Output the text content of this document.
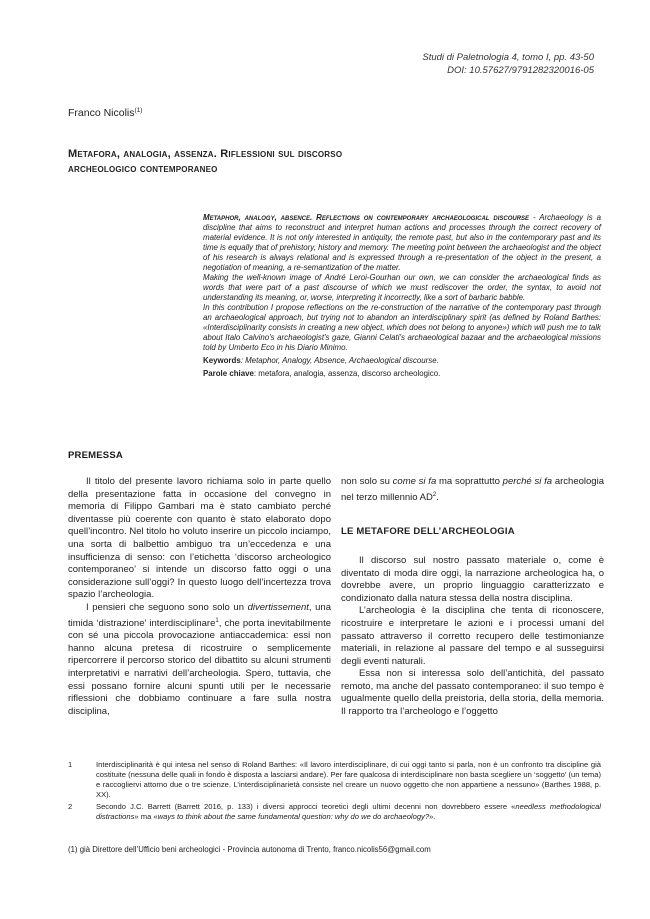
Studi di Paletnologia 4, tomo I, pp. 43-50
DOI: 10.57627/9791282320016-05
Franco Nicolis$^{(1)}$
Metafora, analogia, assenza. Riflessioni sul discorso archeologico contemporaneo

Metaphor, analogy, absence. Reflections on contemporary archaeological discourse - Archaeology is a discipline that aims to reconstruct and interpret human actions and processes through the correct recovery of material evidence. It is not only interested in antiquity, the remote past, but also in the contemporary past and its time is equally that of prehistory, history and memory. The meeting point between the archaeologist and the object of his research is always relational and is expressed through a re-presentation of the object in the present, a negotiation of meaning, a re-semantization of the matter.

Making the well-known image of André Leroi-Gourhan our own, we can consider the archaeological finds as words that were part of a past discourse of which we must rediscover the order, the syntax, to avoid not understanding its meaning, or, worse, interpreting it incorrectly, like a sort of barbaric babble.

In this contribution I propose reflections on the re-construction of the narrative of the contemporary past through an archaeological approach, but trying not to abandon an interdisciplinary spirit (as defined by Roland Barthes: «Interdisciplinarity consists in creating a new object, which does not belong to anyone») which will push me to talk about Italo Calvino's archaeologist's gaze, Gianni Celati's archaeological bazaar and the archaeological missions told by Umberto Eco in his Diario Minimo.

Keywords: Metaphor, Analogy, Absence, Archaeological discourse.

Parole chiave: metafora, analogia, assenza, discorso archeologico.

PREMESSA

Il titolo del presente lavoro richiama solo in parte quello della presentazione fatta in occasione del convegno in memoria di Filippo Gambari ma è stato cambiato perché diventasse più coerente con quanto è stato elaborato dopo quell’incontro. Nel titolo ho voluto inserire un piccolo inciampo, una sorta di balbettio ambiguo tra un’eccedenza e una insufficienza di senso: con l’etichetta ‘discorso archeologico contemporaneo’ si intende un discorso fatto oggi o una considerazione sull’oggi? In questo luogo dell’incertezza trova spazio l’archeologia.

I pensieri che seguono sono solo un divertissement, una timida ‘distrazione’ interdisciplinare$^1$, che porta inevitabilmente con sé una piccola provocazione antiaccademica: essi non hanno alcuna pretesa di ricostruire o semplicemente ripercorrere il percorso storico del dibattito su alcuni strumenti interpretativi e narrativi dell’archeologia. Spero, tuttavia, che essi possano fornire alcuni spunti utili per le necessarie riflessioni che dobbiamo continuare a fare sulla nostra disciplina,

non solo su come si fa ma soprattutto perché si fa archeologia nel terzo millennio $AD^2$.

LE METAFORE DELL’ARCHEOLOGIA

Il discorso sul nostro passato materiale o, come è diventato di moda dire oggi, la narrazione archeologica ha, o dovrebbe avere, un proprio linguaggio caratterizzato e condizionato dalla natura stessa della nostra disciplina.

L’archeologia è la disciplina che tenta di riconoscere, ricostruire e interpretare le azioni e i processi umani del passato attraverso il corretto recupero delle testimonianze materiali, in relazione al passare del tempo e al susseguirsi degli eventi naturali.

Essa non si interessa solo dell’antichità, del passato remoto, ma anche del passato contemporaneo: il suo tempo è ugualmente quello della preistoria, della storia, della memoria. Il rapporto tra l’archeologo e l’oggetto

1	Interdisciplinarità è qui intesa nel senso di Roland Barthes: «Il lavoro interdisciplinare, di cui oggi tanto si parla, non è un confronto tra discipline già costituite (nessuna delle quali in fondo è disposta a lasciarsi andare). Per fare qualcosa di interdisciplinare non basta scegliere un ‘soggetto’ (un tema) e raccogliervi attorno due o tre scienze. L’interdisciplinarietà consiste nel creare un nuovo oggetto che non appartiene a nessuno» (Barthes 1988, p. XX).
2	Secondo J.C. Barrett (Barrett 2016, p. 133) i diversi approcci teoretici degli ultimi decenni non dovrebbero essere «needless methodological distractions» ma «ways to think about the same fundamental question: why do we do archaeology?».
(1) già Direttore dell’Ufficio beni archeologici - Provincia autonoma di Trento, franco.nicolis56@gmail.com
